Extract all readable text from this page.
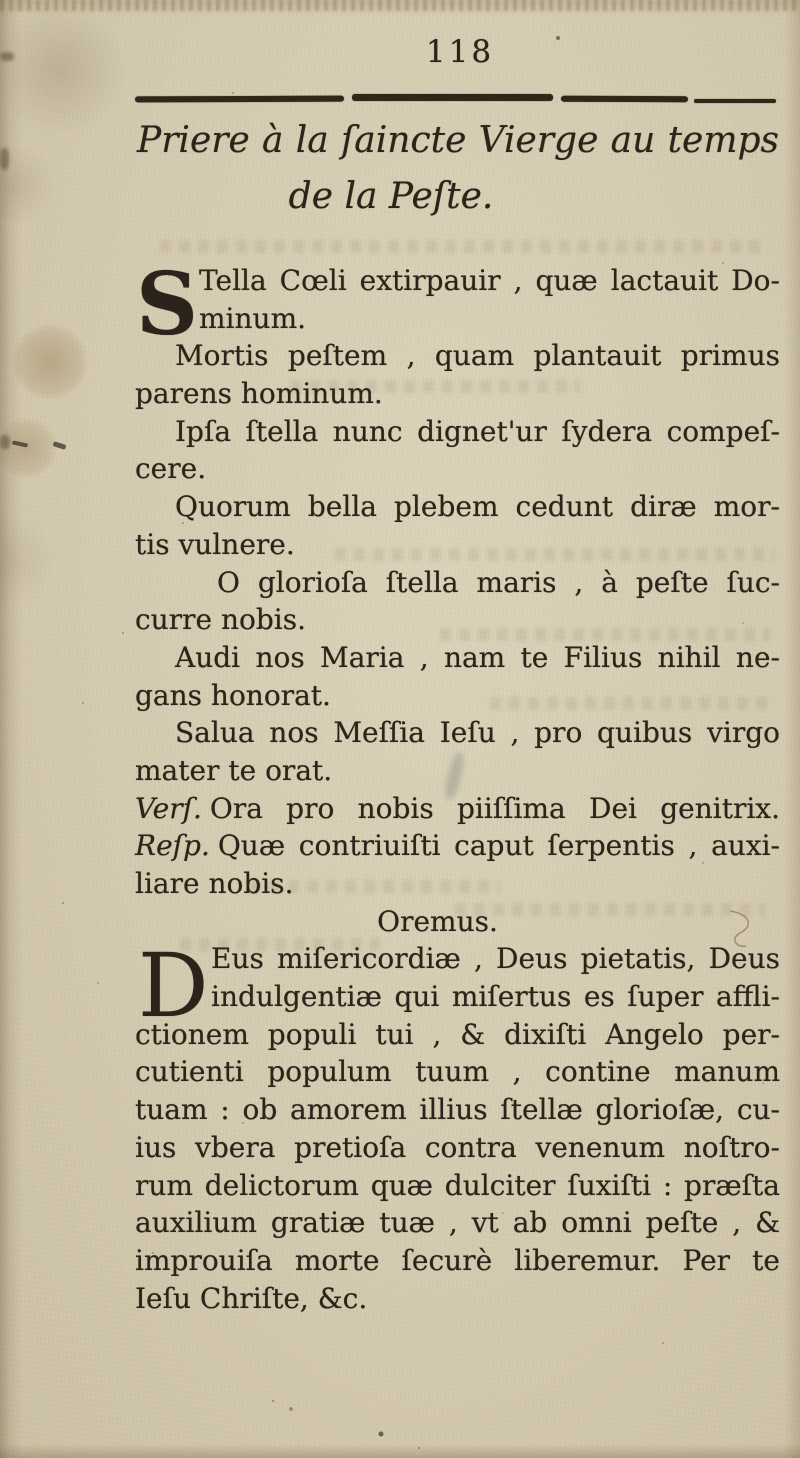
118
Priere à la ſaincte Vierge au temps
de la Peſte.
S
D
Tella Cœli extirpauir , quæ lactauit Do-
minum.
Mortis peſtem , quam plantauit primus
parens hominum.
Ipſa ſtella nunc dignet'ur ſydera compeſ-
cere.
Quorum bella plebem cedunt diræ mor-
tis vulnere.
O glorioſa ſtella maris , à peſte ſuc-
curre nobis.
Audi nos Maria , nam te Filius nihil ne-
gans honorat.
Salua nos Meſſia Ieſu , pro quibus virgo
mater te orat.
Verſ. Ora pro nobis piiſſima Dei genitrix.
Reſp. Quæ contriuiſti caput ſerpentis , auxi-
liare nobis.
Oremus.
Eus miſericordiæ , Deus pietatis, Deus
indulgentiæ qui miſertus es ſuper affli-
ctionem populi tui , & dixiſti Angelo per-
cutienti populum tuum , contine manum
tuam : ob amorem illius ſtellæ glorioſæ, cu-
ius vbera pretioſa contra venenum noſtro-
rum delictorum quæ dulciter ſuxiſti : præſta
auxilium gratiæ tuæ , vt ab omni peſte , &
improuiſa morte ſecurè liberemur. Per te
Ieſu Chriſte, &c.
